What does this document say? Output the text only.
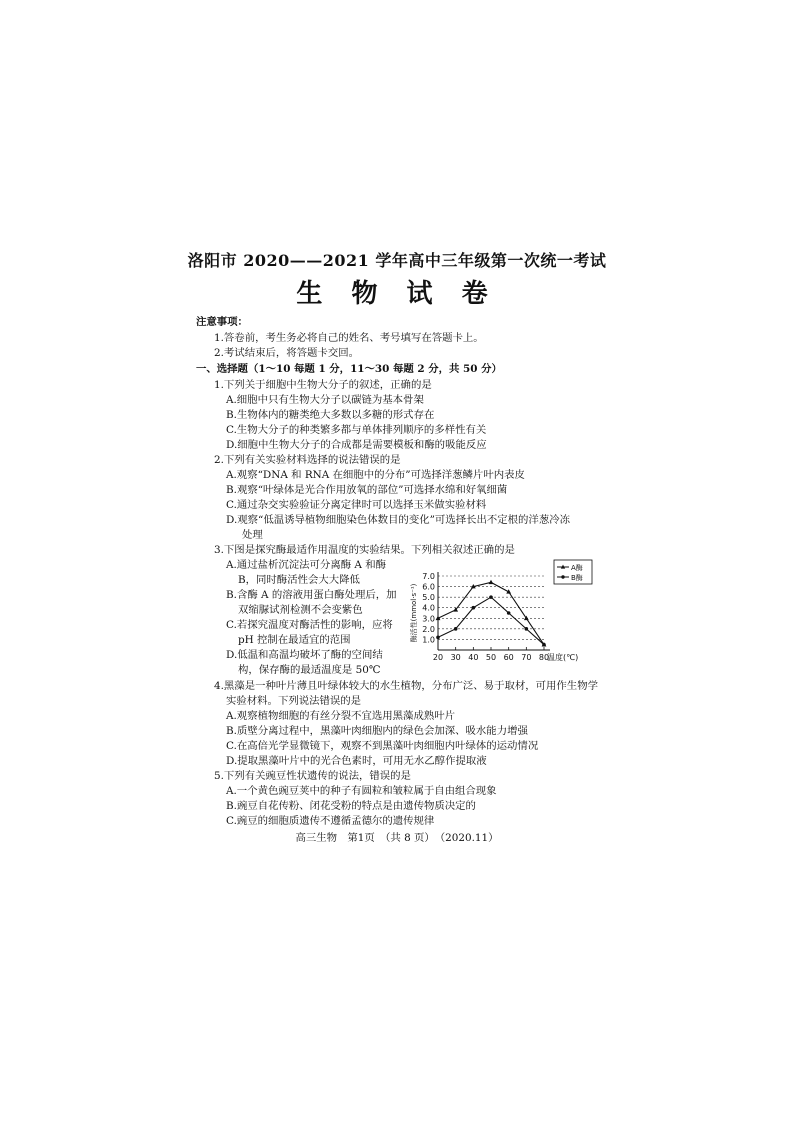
洛阳市 2020——2021 学年高中三年级第一次统一考试
生 物 试 卷
注意事项：
1.答卷前，考生务必将自己的姓名、考号填写在答题卡上。
2.考试结束后，将答题卡交回。
一、选择题（1～10 每题 1 分，11～30 每题 2 分，共 50 分）
1.下列关于细胞中生物大分子的叙述，正确的是
A.细胞中只有生物大分子以碳链为基本骨架
B.生物体内的糖类绝大多数以多糖的形式存在
C.生物大分子的种类繁多都与单体排列顺序的多样性有关
D.细胞中生物大分子的合成都是需要模板和酶的吸能反应
2.下列有关实验材料选择的说法错误的是
A.观察“DNA 和 RNA 在细胞中的分布”可选择洋葱鳞片叶内表皮
B.观察“叶绿体是光合作用放氧的部位”可选择水绵和好氧细菌
C.通过杂交实验验证分离定律时可以选择玉米做实验材料
D.观察“低温诱导植物细胞染色体数目的变化”可选择长出不定根的洋葱冷冻
处理
3.下图是探究酶最适作用温度的实验结果。下列相关叙述正确的是
A.通过盐析沉淀法可分离酶 A 和酶
B，同时酶活性会大大降低
B.含酶 A 的溶液用蛋白酶处理后，加
双缩脲试剂检测不会变紫色
C.若探究温度对酶活性的影响，应将
pH 控制在最适宜的范围
D.低温和高温均破坏了酶的空间结
构，保存酶的最适温度是 50℃
1.0
2.0
3.0
4.0
5.0
6.0
7.0
20 30 40 50 60 70 80
温度(℃)
酶活性(mmol·s⁻¹)
A酶
B酶
4.黑藻是一种叶片薄且叶绿体较大的水生植物，分布广泛、易于取材，可用作生物学
实验材料。下列说法错误的是
A.观察植物细胞的有丝分裂不宜选用黑藻成熟叶片
B.质壁分离过程中，黑藻叶肉细胞内的绿色会加深、吸水能力增强
C.在高倍光学显微镜下，观察不到黑藻叶肉细胞内叶绿体的运动情况
D.提取黑藻叶片中的光合色素时，可用无水乙醇作提取液
5.下列有关豌豆性状遗传的说法，错误的是
A.一个黄色豌豆荚中的种子有圆粒和皱粒属于自由组合现象
B.豌豆自花传粉、闭花受粉的特点是由遗传物质决定的
C.豌豆的细胞质遗传不遵循孟德尔的遗传规律
高三生物　第1页　（共 8 页）　（2020.11）
